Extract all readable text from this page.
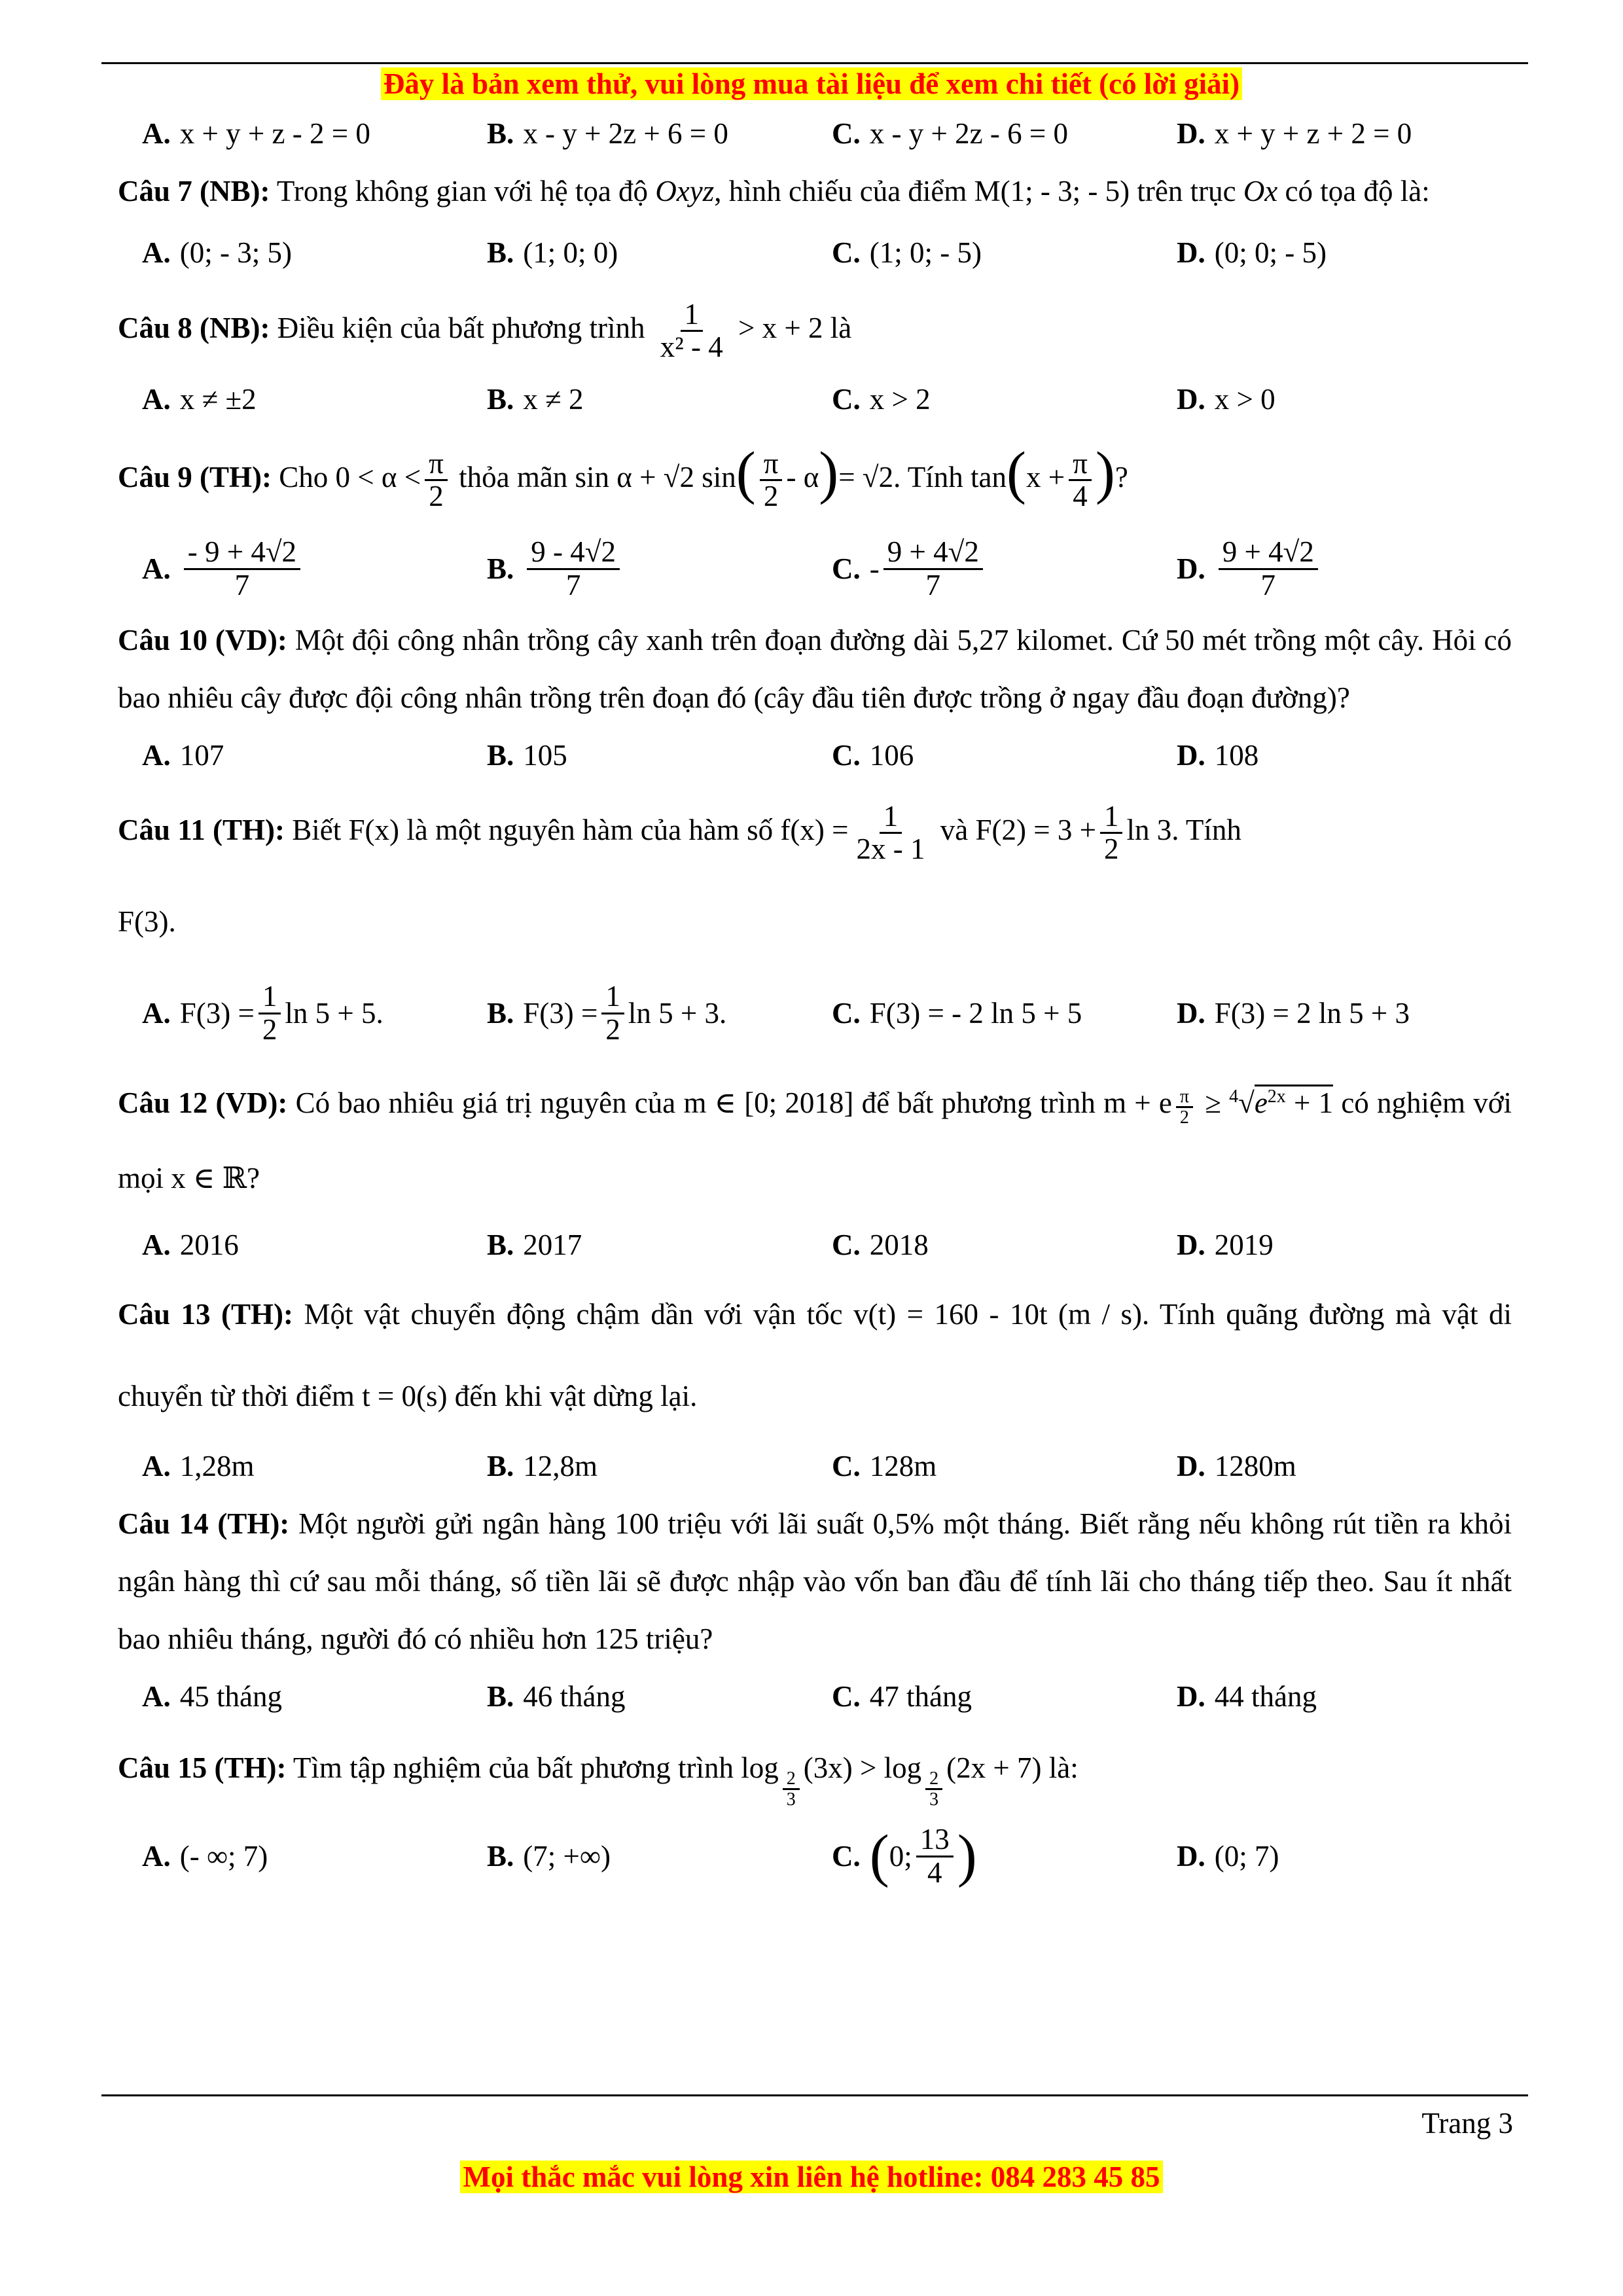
Đây là bản xem thử, vui lòng mua tài liệu để xem chi tiết (có lời giải)
A. x + y + z - 2 = 0	B. x - y + 2z + 6 = 0	C. x - y + 2z - 6 = 0	D. x + y + z + 2 = 0
Câu 7 (NB): Trong không gian với hệ tọa độ Oxyz, hình chiếu của điểm M(1; - 3; - 5) trên trục Ox có tọa độ là:
A. (0; - 3; 5)	B. (1; 0; 0)	C. (1; 0; - 5)	D. (0; 0; - 5)
Câu 8 (NB): Điều kiện của bất phương trình $\frac{1}{\text{x² - 4}} > x + 2$ là
A. x ≠ ±2	B. x ≠ 2	C. x > 2	D. x > 0
Câu 9 (TH): Cho $0 < \alpha < \frac{\pi}{2}$ thỏa mãn sin α + √2 $\sin( \frac{\pi}{2} - \alpha)= √2$. Tính $\tan(x + \frac{\pi}{4}$ )?
A. $\frac{- 9 + 4√2}{7}$	B. $\frac{9 - 4√2}{7}$	C. - $\frac{9 + 4√2}{7}$	D. $\frac{9 + 4√2}{7}$
Câu 10 (VD): Một đội công nhân trồng cây xanh trên đoạn đường dài 5,27 kilomet. Cứ 50 mét trồng một cây. Hỏi có bao nhiêu cây được đội công nhân trồng trên đoạn đó (cây đầu tiên được trồng ở ngay đầu đoạn đường)?
A. 107	B. 105	C. 106	D. 108
Câu 11 (TH): Biết F(x) là một nguyên hàm của hàm số $f(x) = \frac{1}{2x - 1}$ và $F(2) = 3 + \frac{1}{2}$ ln 3. Tính
F(3).
A. $F(3) = \frac{1}{2}$ ln 5 + 5.	B. $F(3) = \frac{1}{2}$ ln 5 + 3.	C. F(3) = - 2 ln 5 + 5	D. F(3) = 2 ln 5 + 3
Câu 12 (VD): Có bao nhiêu giá trị nguyên của m ∈ [0; 2018] để bất phương trình m + e $^{\frac{\pi}{2}} \ge ^4√e^{2x} + 1$ có nghiệm với mọi x ∈ ℝ?
A. 2016	B. 2017	C. 2018	D. 2019
Câu 13 (TH): Một vật chuyển động chậm dần với vận tốc v(t) = 160 - 10t (m / s). Tính quãng đường mà vật di chuyển từ thời điểm t = 0(s) đến khi vật dừng lại.
A. 1,28m	B. 12,8m	C. 128m	D. 1280m
Câu 14 (TH): Một người gửi ngân hàng 100 triệu với lãi suất 0,5% một tháng. Biết rằng nếu không rút tiền ra khỏi ngân hàng thì cứ sau mỗi tháng, số tiền lãi sẽ được nhập vào vốn ban đầu để tính lãi cho tháng tiếp theo. Sau ít nhất bao nhiêu tháng, người đó có nhiều hơn 125 triệu?
A. 45 tháng	B. 46 tháng	C. 47 tháng	D. 44 tháng
Câu 15 (TH): Tìm tập nghiệm của bất phương trình log
$_{\frac{2}{3}}$
(3x) > log
$_{\frac{2}{3}}$
(2x + 7) là:
A. (- ∞; 7)	B. (7; +∞)	C. ( 0; $\frac{13}{4}$ )	D. (0; 7)
Trang 3
Mọi thắc mắc vui lòng xin liên hệ hotline: 084 283 45 85
